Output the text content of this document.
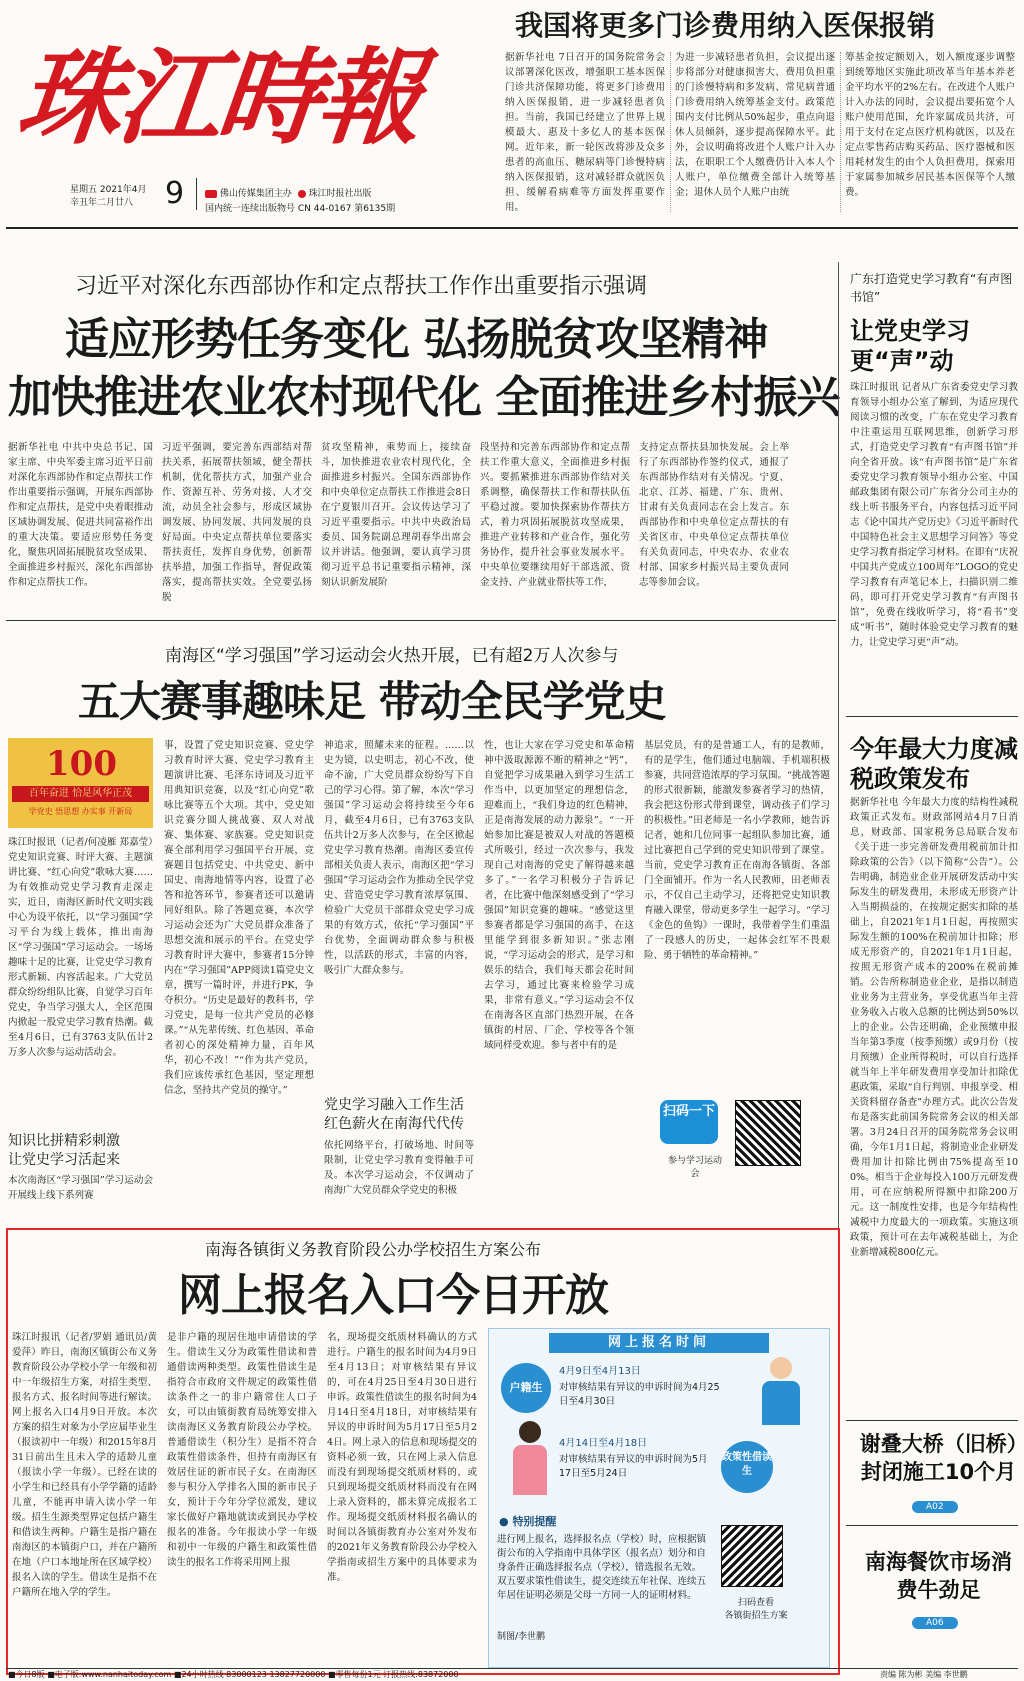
珠江時報
星期五 2021年4月
辛丑年二月廿八	9	佛山传媒集团主办 珠江时报社出版
国内统一连续出版物号 CN 44-0167 第6135期
我国将更多门诊费用纳入医保报销
据新华社电 7日召开的国务院常务会议部署深化医改，增强职工基本医保门诊共济保障功能，将更多门诊费用纳入医保报销，进一步减轻患者负担。当前，我国已经建立了世界上规模最大、惠及十多亿人的基本医保网。近年来，新一轮医改将涉及众多患者的高血压、糖尿病等门诊慢特病纳入医保报销，这对减轻群众就医负担、缓解看病难等方面发挥重要作用。
为进一步减轻患者负担，会议提出逐步将部分对健康损害大、费用负担重的门诊慢特病和多发病、常见病普通门诊费用纳入统筹基金支付。政策范围内支付比例从50%起步，重点向退休人员倾斜，逐步提高保障水平。此外，会议明确将改进个人账户计入办法，在职职工个人缴费仍计入本人个人账户，单位缴费全部计入统筹基金；退休人员个人账户由统
筹基金按定额划入，划入额度逐步调整到统筹地区实施此项改革当年基本养老金平均水平的2%左右。在改进个人账户计入办法的同时，会议提出要拓宽个人账户使用范围，允许家属成员共济，可用于支付在定点医疗机构就医，以及在定点零售药店购买药品、医疗器械和医用耗材发生的由个人负担费用，探索用于家属参加城乡居民基本医保等个人缴费。
习近平对深化东西部协作和定点帮扶工作作出重要指示强调
适应形势任务变化 弘扬脱贫攻坚精神
加快推进农业农村现代化 全面推进乡村振兴
据新华社电 中共中央总书记、国家主席、中央军委主席习近平日前对深化东西部协作和定点帮扶工作作出重要指示强调，开展东西部协作和定点帮扶，是党中央着眼推动区域协调发展、促进共同富裕作出的重大决策。要适应形势任务变化，聚焦巩固拓展脱贫攻坚成果、全面推进乡村振兴，深化东西部协作和定点帮扶工作。
习近平强调，要完善东西部结对帮扶关系，拓展帮扶领域，健全帮扶机制，优化帮扶方式，加强产业合作、资源互补、劳务对接、人才交流，动员全社会参与，形成区域协调发展、协同发展、共同发展的良好局面。中央定点帮扶单位要落实帮扶责任，发挥自身优势，创新帮扶举措，加强工作指导，督促政策落实，提高帮扶实效。全党要弘扬脱
贫攻坚精神，乘势而上，接续奋斗，加快推进农业农村现代化，全面推进乡村振兴。全国东西部协作和中央单位定点帮扶工作推进会8日在宁夏银川召开。会议传达学习了习近平重要指示。中共中央政治局委员、国务院副总理胡春华出席会议并讲话。他强调，要认真学习贯彻习近平总书记重要指示精神，深刻认识新发展阶
段坚持和完善东西部协作和定点帮扶工作重大意义，全面推进乡村振兴。要抓紧推进东西部协作结对关系调整，确保帮扶工作和帮扶队伍平稳过渡。要加快探索协作帮扶方式，着力巩固拓展脱贫攻坚成果，推进产业转移和产业合作，强化劳务协作，提升社会事业发展水平。中央单位要继续用好干部选派、资金支持、产业就业帮扶等工作，
支持定点帮扶县加快发展。会上举行了东西部协作签约仪式，通报了东西部协作结对有关情况。宁夏、北京、江苏、福建、广东、贵州、甘肃有关负责同志在会上发言。东西部协作和中央单位定点帮扶的有关省区市、中央单位定点帮扶单位有关负责同志，中央农办、农业农村部、国家乡村振兴局主要负责同志等参加会议。
广东打造党史学习教育“有声图书馆”
让党史学习更“声”动
珠江时报讯 记者从广东省委党史学习教育领导小组办公室了解到，为适应现代阅读习惯的改变，广东在党史学习教育中注重运用互联网思维，创新学习形式，打造党史学习教育“有声图书馆”并向全省开放。该“有声图书馆”是广东省委党史学习教育领导小组办公室、中国邮政集团有限公司广东省分公司主办的线上听书服务平台，内容包括习近平同志《论中国共产党历史》《习近平新时代中国特色社会主义思想学习问答》等党史学习教育指定学习材料。在即有“庆祝中国共产党成立100周年”LOGO的党史学习教育有声笔记本上，扫描识别二维码，即可打开党史学习教育“有声图书馆”，免费在线收听学习，将“看书”变成“听书”，随时体验党史学习教育的魅力，让党史学习更“声”动。
南海区“学习强国”学习运动会火热开展，已有超2万人次参与
五大赛事趣味足 带动全民学党史
100
百年奋进 恰是风华正茂
学党史 悟思想 办实事 开新局
珠江时报讯（记者/何凌雁 郑嘉莹）党史知识竞赛、时评大赛、主题演讲比赛、“红心向党”歌咏大赛……为有效推动党史学习教育走深走实，近日，南海区新时代文明实践中心为设平依托，以“学习强国”学习平台为线上载体，推出南海区“学习强国”学习运动会。一场场趣味十足的比赛，让党史学习教育形式新颖、内容活起来。广大党员群众纷纷组队比赛，自觉学习百年党史，争当学习强大人，全区范围内掀起一股党史学习教育热潮。截至4月6日，已有3763支队伍计2万多人次参与运动活动会。
知识比拼精彩刺激
让党史学习活起来
本次南海区“学习强国”学习运动会开展线上线下系列赛
事，设置了党史知识竞赛、党史学习教育时评大赛、党史学习教育主题演讲比赛、毛泽东诗词及习近平用典知识竞赛，以及“红心向党”歌咏比赛等五个大项。其中，党史知识竞赛分圆人挑战赛、双人对战赛、集体赛、家族赛。党史知识竞赛全部利用学习强国平台开展，竞赛题目包括党史、中共党史、新中国史、南海地情等内容，设置了必答和抢答环节，参赛者还可以邀请同好组队。除了答题竞赛，本次学习运动会还为广大党员群众准备了思想交流和展示的平台。在党史学习教育时评大赛中，参赛者15分钟内在“学习强国”APP阅读1篇党史文章，撰写一篇时评，并进行PK，争夺积分。“历史是最好的教科书，学习党史，是每一位共产党员的必修课。”“从先辈传统、红色基因、革命者初心的深处精神力量，百年风华，初心不改！”“作为共产党员，我们应该传承红色基因，坚定理想信念，坚持共产党员的操守。”
神追求，照耀未来的征程。……以史为镜，以史明志，初心不改，使命不渝，广大党员群众纷纷写下自己的学习心得。第了解，本次“学习强国”学习运动会将持续至今年6月，截至4月6日，已有3763支队伍共计2万多人次参与，在全区掀起党史学习教育热潮。南海区委宣传部相关负责人表示，南海区把“学习强国”学习运动会作为推动全民学党史、营造党史学习教育浓厚氛围、检验广大党员干部群众党史学习成果的有效方式，依托“学习强国”平台优势，全面调动群众参与积极性，以活跃的形式，丰富的内容，吸引广大群众参与。
党史学习融入工作生活
红色薪火在南海代代传
依托网络平台，打破场地、时间等限制，让党史学习教育变得触手可及。本次学习运动会，不仅调动了南海广大党员群众学党史的积极
性，也让大家在学习党史和革命精神中汲取源源不断的精神之“钙”，自觉把学习成果融入到学习生活工作当中，以更加坚定的理想信念，迎难而上，“我们身边的红色精神，正是南海发展的动力源泉”。“一开始参加比赛是被双人对战的答题模式所吸引，经过一次次参与，我发现自己对南海的党史了解得越来越多了。”一名学习积极分子告诉记者，在比赛中他深刻感受到了“学习强国”知识竞赛的趣味。“感觉这里参赛者都是学习强国的高手，在这里能学到很多新知识。”张志刚说，“学习运动会的形式，是学习和娱乐的结合，我们每天都会花时间去学习，通过比赛来检验学习成果，非常有意义。”学习运动会不仅在南海各区直部门热烈开展，在各镇街的村居、厂企、学校等各个领域同样受欢迎。参与者中有的是
基层党员，有的是普通工人，有的是教师，有的是学生，他们通过电脑端、手机端积极参赛，共同营造浓厚的学习氛围。“挑战答题的形式很新颖，能激发参赛者学习的热情，我会把这份形式带到课堂，调动孩子们学习的积极性。”田老师是一名小学教师，她告诉记者，她和几位同事一起组队参加比赛，通过比赛把自己学到的党史知识带到了课堂。当前，党史学习教育正在南海各镇街、各部门全面铺开。作为一名人民教师，田老师表示，不仅自己主动学习，还将把党史知识教育融入课堂，带动更多学生一起学习。“学习《金色的鱼钩》一课时，我带着学生们重温了一段感人的历史，一起体会红军不畏艰险、勇于牺牲的革命精神。”
扫码一下
参与学习运动会
今年最大力度减税政策发布
据新华社电 今年最大力度的结构性减税政策正式发布。财政部网站4月7日消息，财政部、国家税务总局联合发布《关于进一步完善研发费用税前加计扣除政策的公告》（以下简称“公告”）。公告明确，制造业企业开展研发活动中实际发生的研发费用，未形成无形资产计入当期损益的，在按规定据实扣除的基础上，自2021年1月1日起，再按照实际发生额的100%在税前加计扣除；形成无形资产的，自2021年1月1日起，按照无形资产成本的200%在税前摊销。公告所称制造业企业，是指以制造业业务为主营业务，享受优惠当年主营业务收入占收入总额的比例达到50%以上的企业。公告还明确，企业预缴申报当年第3季度（按季预缴）或9月份（按月预缴）企业所得税时，可以自行选择就当年上半年研发费用享受加计扣除优惠政策，采取“自行判别、申报享受、相关资料留存备查”办理方式。此次公告发布是落实此前国务院常务会议的相关部署。3月24日召开的国务院常务会议明确，今年1月1日起，将制造业企业研发费用加计扣除比例由75%提高至100%。相当于企业每投入100万元研发费用，可在应纳税所得额中扣除200万元。这一制度性安排，也是今年结构性减税中力度最大的一项政策。实施这项政策，预计可在去年减税基础上，为企业新增减税800亿元。
谢叠大桥（旧桥）封闭施工10个月
A02
南海餐饮市场消费牛劲足
A06
南海各镇街义务教育阶段公办学校招生方案公布
网上报名入口今日开放
珠江时报讯（记者/罗娟 通讯员/黄爱萍）昨日，南海区镇街公布义务教育阶段公办学校小学一年级和初中一年级招生方案，对招生类型、报名方式、报名时间等进行解读。网上报名入口4月9日开放。本次方案的招生对象为小学应届毕业生（报读初中一年级）和2015年8月31日前出生且未入学的适龄儿童（报读小学一年级）。已经在读的小学生和已经具有小学学籍的适龄儿童，不能再申请入读小学一年级。招生生源类型界定包括户籍生和借读生两种。户籍生是指户籍在南海区的本镇街户口，并在户籍所在地（户口本地址所在区域学校）报名入读的学生。借读生是指不在户籍所在地入学的学生。
是非户籍的现居住地申请借读的学生。借读生又分为政策性借读和普通借读两种类型。政策性借读生是指符合市政府文件规定的政策性借读条件之一的非户籍常住人口子女，可以由镇街教育局统筹安排入读南海区义务教育阶段公办学校。普通借读生（积分生）是指不符合政策性借读条件，但持有南海区有效居住证的新市民子女。在南海区参与积分入学排名入围的新市民子女，预计于今年分学位派发，建议家长做好户籍地就读或到民办学校报名的准备。今年报读小学一年级和初中一年级的户籍生和政策性借读生的报名工作将采用网上报
名，现场提交纸质材料确认的方式进行。户籍生的报名时间为4月9日至4月13日；对审核结果有异议的，可在4月25日至4月30日进行申诉。政策性借读生的报名时间为4月14日至4月18日，对审核结果有异议的申诉时间为5月17日至5月24日。网上录入的信息和现场提交的资料必须一致，只在网上录入信息而没有到现场提交纸质材料的，或只到现场提交纸质材料而没有在网上录入资料的，都未算完成报名工作。现场提交纸质材料报名确认的时间以各镇街教育办公室对外发布的2021年义务教育阶段公办学校入学指南或招生方案中的具体要求为准。
网上报名时间
户籍生
4月9日至4月13日
对审核结果有异议的申诉时间为4月25日至4月30日
4月14日至4月18日
对审核结果有异议的申诉时间为5月17日至5月24日
政策性借读生
● 特别提醒
进行网上报名，选择报名点（学校）时，应根据镇街公布的入学指南中具体学区（报名点）划分和自身条件正确选择报名点（学校），错选报名无效。双五要求策性借读生，提交连续五年社保、连续五年居住证明必须是父母一方同一人的证明材料。
制图/李世鹏
扫码查看
各镇街招生方案
■今日8版 ■电子版:www.nanhaitoday.com ■24小时热线 83000123 13827720000 ■零售每份1元 订报热线:83872000	责编 陈为彬 美编 李世鹏
